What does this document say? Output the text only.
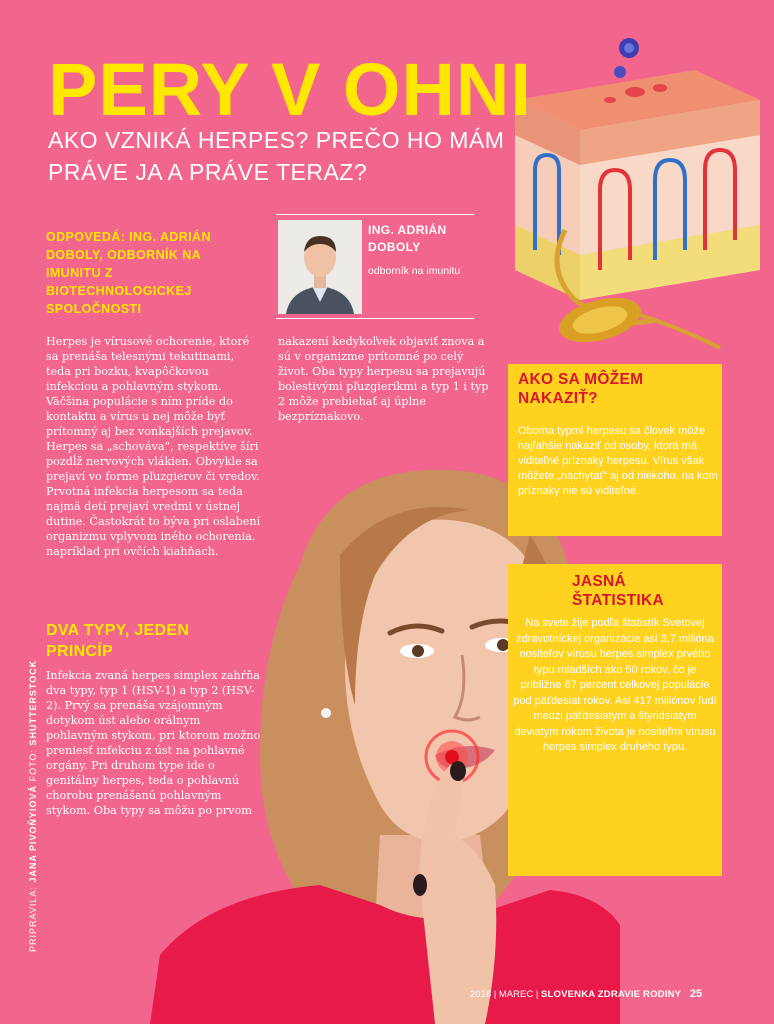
PERY V OHNI
AKO VZNIKÁ HERPES? PREČO HO MÁM PRÁVE JA A PRÁVE TERAZ?
ODPOVEDÁ: ING. ADRIÁN DOBOLY, ODBORNÍK NA IMUNITU Z BIOTECHNOLOGICKEJ SPOLOČNOSTI

Herpes je vírusové ochorenie, ktoré sa prenáša telesnými tekutinami, teda pri bozku, kvapôčkovou infekciou a pohlavným stykom. Väčšina populácie s ním príde do kontaktu a vírus u nej môže byť prítomný aj bez vonkajších prejavov. Herpes sa „schováva“, respektíve šíri pozdĺž nervových vlákien. Obvykle sa prejaví vo forme pľuzgierov či vredov. Prvotná infekcia herpesom sa teda najmä detí prejaví vredmi v ústnej dutine. Častokrát to býva pri oslabení organizmu vplyvom iného ochorenia, napríklad pri ovčích kiahňach.

DVA TYPY, JEDEN PRINCÍP

Infekcia zvaná herpes simplex zahŕňa dva typy, typ 1 (HSV-1) a typ 2 (HSV-2). Prvý sa prenáša vzájomným dotykom úst alebo orálnym pohlavným stykom, pri ktorom možno preniesť infekciu z úst na pohlavné orgány. Pri druhom type ide o genitálny herpes, teda o pohlavnú chorobu prenášanú pohlavným stykom. Oba typy sa môžu po prvom

ING. ADRIÁN DOBOLY
odborník na imunitu

nakazení kedykoľvek objaviť znova a sú v organizme prítomné po celý život. Oba typy herpesu sa prejavujú bolestivými pľuzgierikmi a typ 1 i typ 2 môže prebiehať aj úplne bezpríznakovo.

AKO SA MÔŽEM NAKAZIŤ?

Oboma typmi herpesu sa človek môže najľahšie nakaziť od osoby, ktorá má viditeľné príznaky herpesu. Vírus však môžete „nachytať“ aj od niekoho, na kom príznaky nie sú viditeľné.

JASNÁ ŠTATISTIKA

Na svete žije podľa štatistík Svetovej zdravotníckej organizácie asi 3,7 miliónа nositeľov vírusu herpes simplex prvého typu mladších ako 50 rokov, čo je približne 67 percent celkovej populácie pod päťdesiat rokov. Asi 417 miliónov ľudí medzi päťdesiatym a štyridsiatym deviatym rokom života je nositeľmi vírusu herpes simplex druhého typu.

PRIPRAVILA: JANA PIVOŇYIOVÁ FOTO: SHUTTERSTOCK
2018 | MAREC | SLOVENKA ZDRAVIE RODINY 25
